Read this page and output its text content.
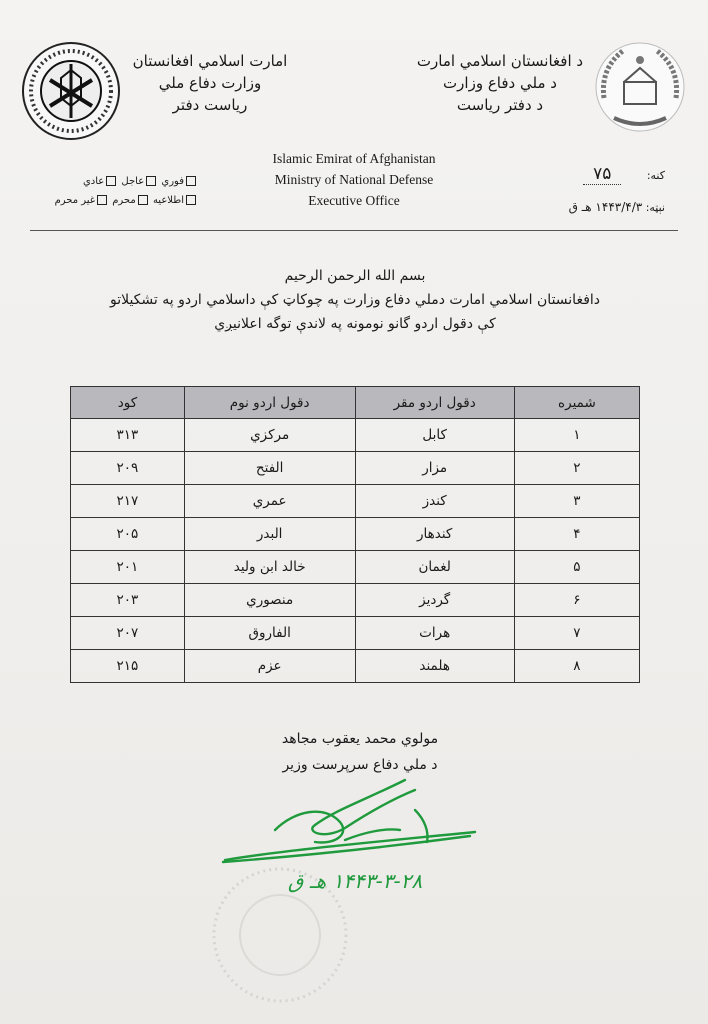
د افغانستان اسلامي امارت
د ملي دفاع وزارت
د دفتر رياست
امارت اسلامي افغانستان
وزارت دفاع ملي
رياست دفتر
Islamic Emirat of Afghanistan
Ministry of National Defense
Executive Office
فوري عاجل عادي
اطلاعيه محرم غير محرم
كنه: ۷۵
نېټه: ۱۴۴۳/۴/۳ هـ ق
بسم الله الرحمن الرحيم
دافغانستان اسلامي امارت دملي دفاع وزارت په چوكاټ كې داسلامي اردو په تشكيلاتو
كې دقول اردو گانو نومونه په لاندې توگه اعلانيږي
شميره	دقول اردو مقر	دقول اردو نوم	كود
۱	كابل	مركزي	۳۱۳
۲	مزار	الفتح	۲۰۹
۳	كندز	عمري	۲۱۷
۴	كندهار	البدر	۲۰۵
۵	لغمان	خالد ابن وليد	۲۰۱
۶	گرديز	منصوري	۲۰۳
۷	هرات	الفاروق	۲۰۷
۸	هلمند	عزم	۲۱۵
مولوي محمد يعقوب مجاهد
د ملي دفاع سرپرست وزير
۱۴۴۳-۳-۲۸ هـ ق
